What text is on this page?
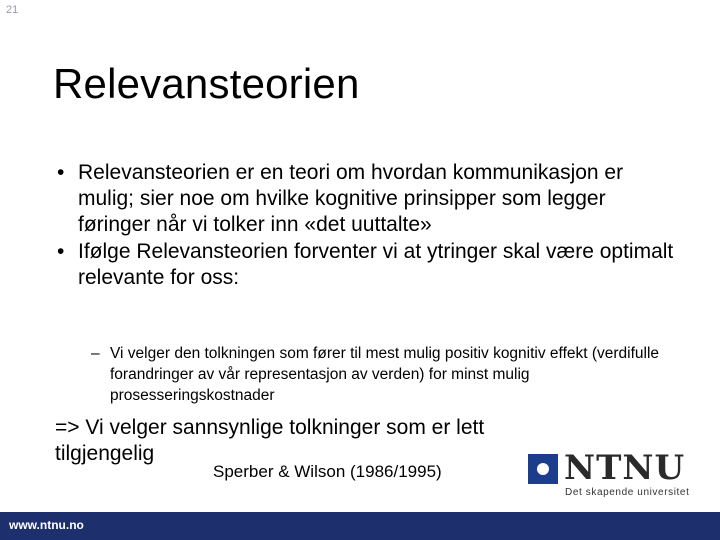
21
Relevansteorien
• Relevansteorien er en teori om hvordan kommunikasjon er mulig; sier noe om hvilke kognitive prinsipper som legger føringer når vi tolker inn «det uuttalte»
• Ifølge Relevansteorien forventer vi at ytringer skal være optimalt relevante for oss:
– Vi velger den tolkningen som fører til mest mulig positiv kognitiv effekt (verdifulle forandringer av vår representasjon av verden) for minst mulig prosesseringskostnader
=> Vi velger sannsynlige tolkninger som er lett tilgjengelig
Sperber & Wilson (1986/1995)	NTNU
Det skapende universitet
www.ntnu.no
